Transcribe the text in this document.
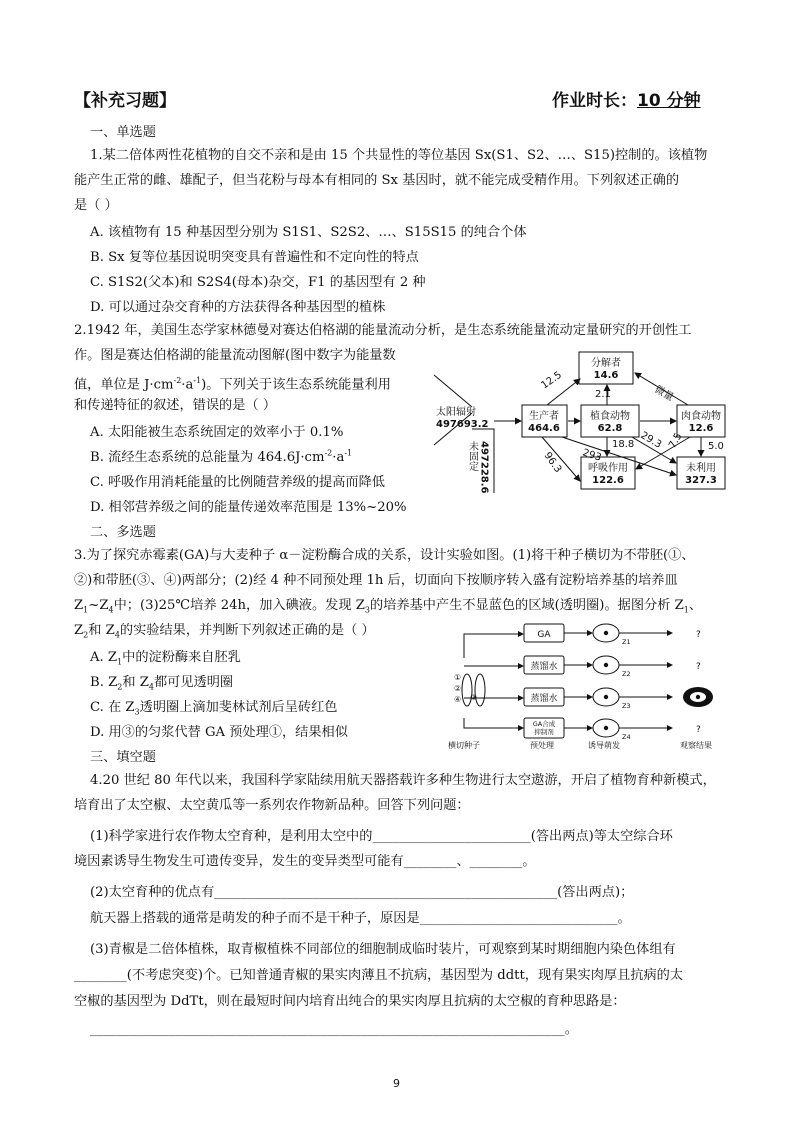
【补充习题】	作业时长：10 分钟
一、单选题
1.某二倍体两性花植物的自交不亲和是由 15 个共显性的等位基因 Sx(S1、S2、…、S15)控制的。该植物
能产生正常的雌、雄配子，但当花粉与母本有相同的 Sx 基因时，就不能完成受精作用。下列叙述正确的
是（ ）
A. 该植物有 15 种基因型分别为 S1S1、S2S2、…、S15S15 的纯合个体
B. Sx 复等位基因说明突变具有普遍性和不定向性的特点
C. S1S2(父本)和 S2S4(母本)杂交，F1 的基因型有 2 种
D. 可以通过杂交育种的方法获得各种基因型的植株
2.1942 年，美国生态学家林德曼对赛达伯格湖的能量流动分析，是生态系统能量流动定量研究的开创性工
作。图是赛达伯格湖的能量流动图解(图中数字为能量数
值，单位是 $J\cdot cm^{-2}\cdot a^{-1}$)。下列关于该生态系统能量利用
和传递特征的叙述，错误的是（ ）
A. 太阳能被生态系统固定的效率小于 0.1%
B. 流经生态系统的总能量为 $464.6J\cdot cm^{-2}\cdot a^{-1}$
C. 呼吸作用消耗能量的比例随营养级的提高而降低
D. 相邻营养级之间的能量传递效率范围是 13%~20%
分解者
14.6
生产者
464.6
植食动物
62.8
肉食动物
12.6
呼吸作用
122.6
未利用
327.3
太阳辐射
497693.2
未固定 497228.6
12.5
2.1	微量
5.0
18.8 29.3 7.5
293
96.3
二、多选题
3.为了探究赤霉素(GA)与大麦种子 α－淀粉酶合成的关系，设计实验如图。(1)将干种子横切为不带胚(①、
②)和带胚(③、④)两部分；(2)经 4 种不同预处理 1h 后，切面向下按顺序转入盛有淀粉培养基的培养皿
$Z_1\sim Z_4$中；(3)25℃培养 24h，加入碘液。发现 $Z_3$的培养基中产生不显蓝色的区域(透明圈)。据图分析 $Z_1$、
$Z_2$和 $Z_4$的实验结果，并判断下列叙述正确的是（ ）
A. $Z_1$中的淀粉酶来自胚乳
B. $Z_2$和 $Z_4$都可见透明圈
C. 在 $Z_3$透明圈上滴加斐林试剂后呈砖红色
D. 用③的匀浆代替 GA 预处理①，结果相似
GA
蒸馏水
蒸馏水
GA合成
抑制剂
Z1
Z2
Z3
Z4
?
?
?
①
②
③
④
横切种子	预处理	诱导萌发	观察结果
三、填空题
4.20 世纪 80 年代以来，我国科学家陆续用航天器搭载许多种生物进行太空遨游，开启了植物育种新模式，
培育出了太空椒、太空黄瓜等一系列农作物新品种。回答下列问题：
(1)科学家进行农作物太空育种，是利用太空中的________________________(答出两点)等太空综合环
境因素诱导生物发生可遗传变异，发生的变异类型可能有________、________。
(2)太空育种的优点有____________________________________________________(答出两点)；
航天器上搭载的通常是萌发的种子而不是干种子，原因是______________________________。
(3)青椒是二倍体植株，取青椒植株不同部位的细胞制成临时装片，可观察到某时期细胞内染色体组有
________(不考虑突变)个。已知普通青椒的果实肉薄且不抗病，基因型为 ddtt，现有果实肉厚且抗病的太
空椒的基因型为 DdTt，则在最短时间内培育出纯合的果实肉厚且抗病的太空椒的育种思路是：
________________________________________________________________________。
9
